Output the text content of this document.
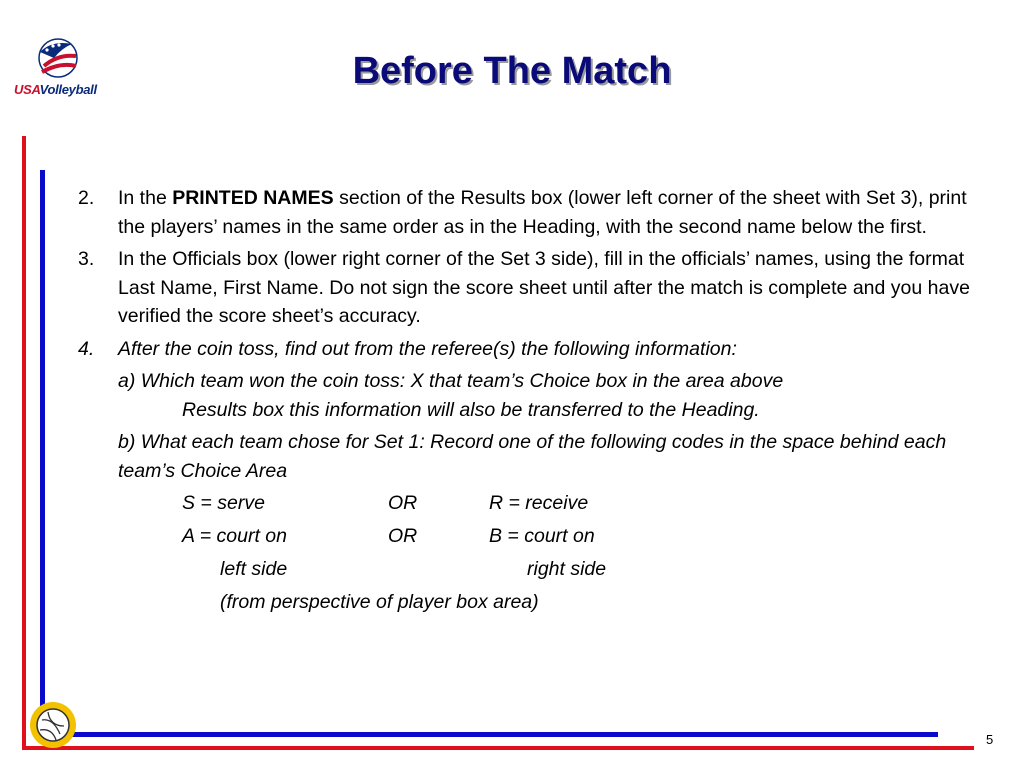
USAVolleyball	Before The Match
5
2. In the PRINTED NAMES section of the Results box (lower left corner of the sheet with Set 3), print the players’ names in the same order as in the Heading, with the second name below the first.
3. In the Officials box (lower right corner of the Set 3 side), fill in the officials’ names, using the format Last Name, First Name. Do not sign the score sheet until after the match is complete and you have verified the score sheet’s accuracy.
4. After the coin toss, find out from the referee(s) the following information:
a) Which team won the coin toss: X that team’s Choice box in the area above
Results box this information will also be transferred to the Heading.
b) What each team chose for Set 1: Record one of the following codes in the space behind each team’s Choice Area
S = serve	OR	R = receive
A = court on	OR	B = court on
left side	right side
(from perspective of player box area)
